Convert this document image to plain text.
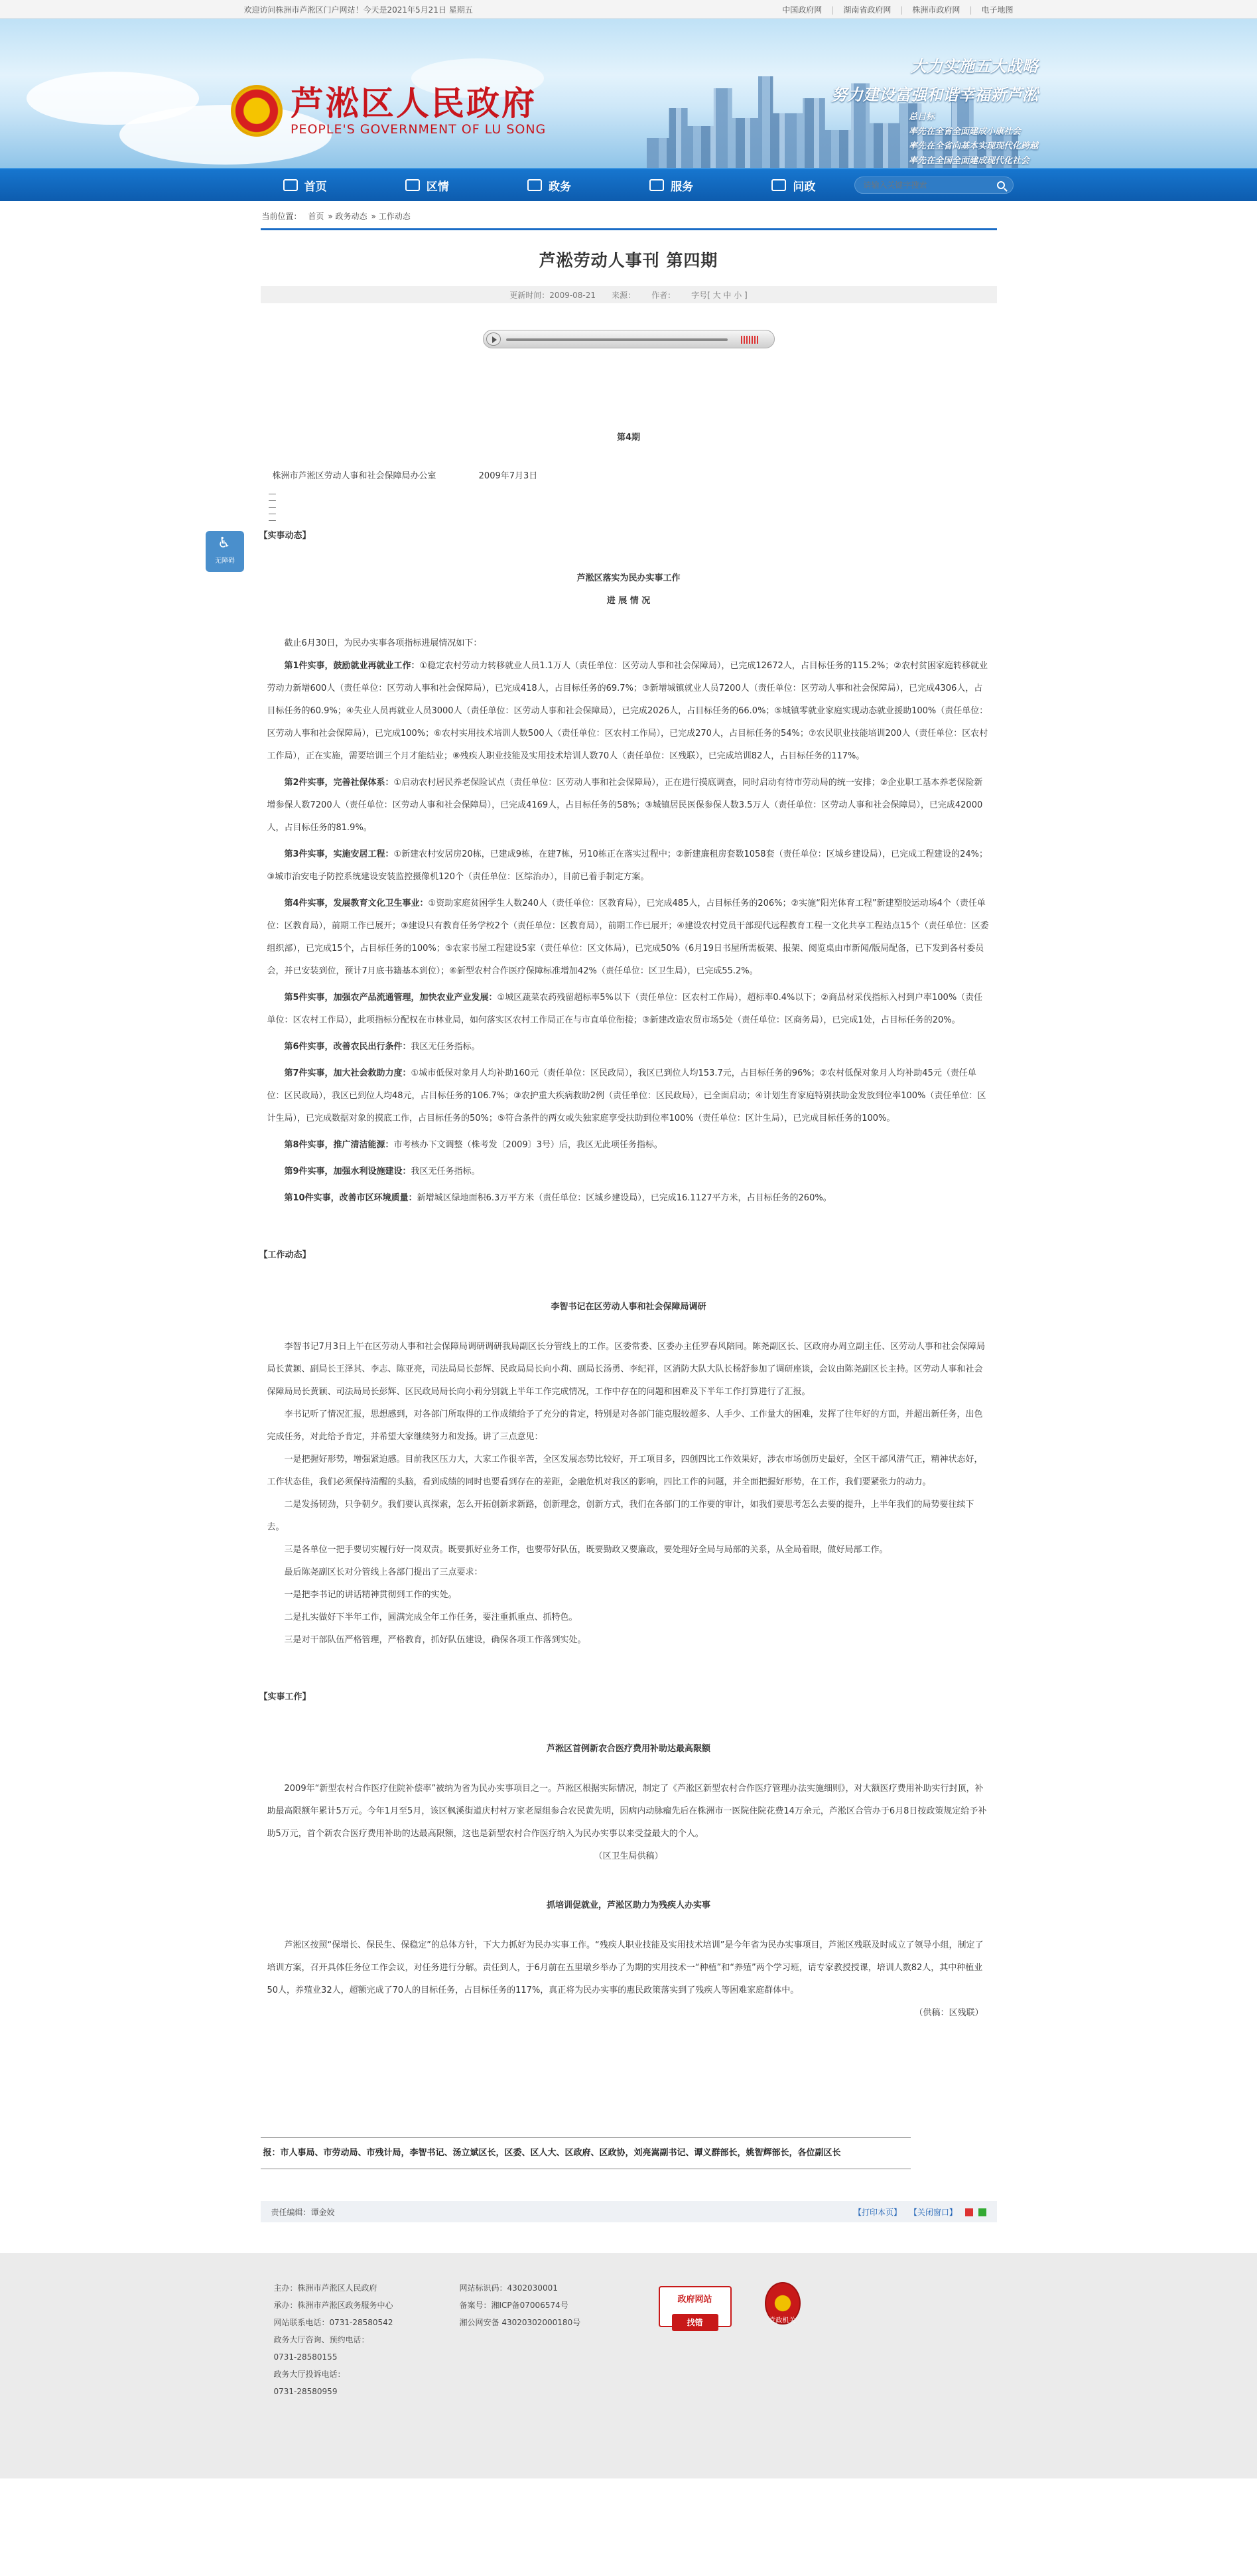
欢迎访问株洲市芦淞区门户网站！今天是2021年5月21日 星期五	中国政府网	| 湖南省政府网	| 株洲市政府网	| 电子地图
芦淞区人民政府
PEOPLE'S GOVERNMENT OF LU SONG
大力实施五大战略
努力建设富强和谐幸福新芦淞
总目标
率先在全省全面建成小康社会
率先在全省向基本实现现代化跨越
率先在全国全面建成现代化社会
首页	区情	政务	服务	问政
请输入关键字搜索
♿ 无障碍
当前位置： 首页 » 政务动态 » 工作动态
芦淞劳动人事刊 第四期
更新时间：2009-08-21 来源： 作者： 字号[ 大 中 小 ]
第4期
株洲市芦淞区劳动人事和社会保障局办公室	2009年7月3日
—
—
—
—
—
【实事动态】
芦淞区落实为民办实事工作
进 展 情 况

截止6月30日，为民办实事各项指标进展情况如下：

第1件实事，鼓励就业再就业工作：①稳定农村劳动力转移就业人员1.1万人（责任单位：区劳动人事和社会保障局），已完成12672人，占目标任务的115.2%；②农村贫困家庭转移就业劳动力新增600人（责任单位：区劳动人事和社会保障局），已完成418人，占目标任务的69.7%；③新增城镇就业人员7200人（责任单位：区劳动人事和社会保障局），已完成4306人，占目标任务的60.9%；④失业人员再就业人员3000人（责任单位：区劳动人事和社会保障局），已完成2026人，占目标任务的66.0%；⑤城镇零就业家庭实现动态就业援助100%（责任单位：区劳动人事和社会保障局），已完成100%；⑥农村实用技术培训人数500人（责任单位：区农村工作局），已完成270人，占目标任务的54%；⑦农民职业技能培训200人（责任单位：区农村工作局），正在实施，需要培训三个月才能结业；⑧残疾人职业技能及实用技术培训人数70人（责任单位：区残联），已完成培训82人，占目标任务的117%。

第2件实事，完善社保体系：①启动农村居民养老保险试点（责任单位：区劳动人事和社会保障局），正在进行摸底调查，同时启动有待市劳动局的统一安排；②企业职工基本养老保险新增参保人数7200人（责任单位：区劳动人事和社会保障局），已完成4169人，占目标任务的58%；③城镇居民医保参保人数3.5万人（责任单位：区劳动人事和社会保障局），已完成42000人，占目标任务的81.9%。

第3件实事，实施安居工程：①新建农村安居房20栋，已建成9栋，在建7栋，另10栋正在落实过程中；②新建廉租房套数1058套（责任单位：区城乡建设局），已完成工程建设的24%；③城市治安电子防控系统建设安装监控摄像机120个（责任单位：区综治办），目前已着手制定方案。

第4件实事，发展教育文化卫生事业：①资助家庭贫困学生人数240人（责任单位：区教育局），已完成485人，占目标任务的206%；②实施“阳光体育工程”新建塑胶运动场4个（责任单位：区教育局），前期工作已展开；③建设只有教育任务学校2个（责任单位：区教育局），前期工作已展开；④建设农村党员干部现代远程教育工程一文化共享工程站点15个（责任单位：区委组织部），已完成15个，占目标任务的100%；⑤农家书屋工程建设5家（责任单位：区文体局），已完成50%（6月19日书屋所需板架、报架、阅览桌由市新闻/版局配备，已下发到各村委员会，并已安装到位，预计7月底书籍基本到位）；⑥新型农村合作医疗保障标准增加42%（责任单位：区卫生局），已完成55.2%。

第5件实事，加强农产品流通管理，加快农业产业发展：①城区蔬菜农药残留超标率5%以下（责任单位：区农村工作局），超标率0.4%以下；②商品材采伐指标入村到户率100%（责任单位：区农村工作局），此项指标分配权在市林业局，如何落实区农村工作局正在与市直单位衔接；③新建改造农贸市场5处（责任单位：区商务局），已完成1处，占目标任务的20%。

第6件实事，改善农民出行条件：我区无任务指标。

第7件实事，加大社会救助力度：①城市低保对象月人均补助160元（责任单位：区民政局），我区已到位人均153.7元，占目标任务的96%；②农村低保对象月人均补助45元（责任单位：区民政局），我区已到位人均48元，占目标任务的106.7%；③农护重大疾病救助2例（责任单位：区民政局），已全面启动；④计划生育家庭特别扶助金发放到位率100%（责任单位：区计生局），已完成数据对象的摸底工作，占目标任务的50%；⑤符合条件的两女或失独家庭享受扶助到位率100%（责任单位：区计生局），已完成目标任务的100%。

第8件实事，推广清洁能源：市考核办下文调整（株考发〔2009〕3号）后，我区无此项任务指标。

第9件实事，加强水利设施建设：我区无任务指标。

第10件实事，改善市区环境质量：新增城区绿地面积6.3万平方米（责任单位：区城乡建设局），已完成16.1127平方米，占目标任务的260%。

【工作动态】
李智书记在区劳动人事和社会保障局调研

李智书记7月3日上午在区劳动人事和社会保障局调研调研我局副区长分管线上的工作。区委常委、区委办主任罗春风陪同。陈尧副区长、区政府办周立副主任、区劳动人事和社会保障局局长黄颖、副局长王泽其、李志、陈亚亮，司法局局长彭辉、民政局局长向小莉、副局长汤勇、李纪祥，区消防大队大队长杨舒参加了调研座谈，会议由陈尧副区长主持。区劳动人事和社会保障局局长黄颖、司法局局长彭辉、区民政局局长向小莉分别就上半年工作完成情况，工作中存在的问题和困难及下半年工作打算进行了汇报。

李书记听了情况汇报，思想感到，对各部门所取得的工作成绩给予了充分的肯定，特别是对各部门能克服较超多、人手少、工作量大的困难，发挥了往年好的方面，并超出新任务，出色完成任务，对此给予肯定，并希望大家继续努力和发扬。讲了三点意见：

一是把握好形势，增强紧迫感。目前我区压力大，大家工作很辛苦，全区发展态势比较好，开工项目多，四创四比工作效果好，涉农市场创历史最好，全区干部风清气正，精神状态好，工作状态佳，我们必须保持清醒的头脑，看到成绩的同时也要看到存在的差距，金融危机对我区的影响，四比工作的问题，并全面把握好形势，在工作，我们要紧张力的动力。

二是发扬韧劲，只争朝夕。我们要认真探索，怎么开拓创新求新路，创新理念，创新方式，我们在各部门的工作要的审计，如我们要思考怎么去要的提升，上半年我们的局势要往续下去。

三是各单位一把手要切实履行好一岗双责。既要抓好业务工作，也要带好队伍，既要勤政又要廉政，要处理好全局与局部的关系，从全局着眼，做好局部工作。

最后陈尧副区长对分管线上各部门提出了三点要求：

一是把李书记的讲话精神贯彻到工作的实处。

二是扎实做好下半年工作，圆满完成全年工作任务，要注重抓重点、抓特色。

三是对干部队伍严格管理，严格教育，抓好队伍建设，确保各项工作落到实处。

【实事工作】
芦淞区首例新农合医疗费用补助达最高限额

2009年“新型农村合作医疗住院补偿率”被纳为省为民办实事项目之一。芦淞区根据实际情况，制定了《芦淞区新型农村合作医疗管理办法实施细则》，对大额医疗费用补助实行封顶，补助最高限额年累计5万元。今年1月至5月，该区枫溪街道庆村村万家老屋组参合农民黄先明，因病内动脉瘤先后在株洲市一医院住院花费14万余元，芦淞区合管办于6月8日按政策规定给予补助5万元，首个新农合医疗费用补助的达最高限额，这也是新型农村合作医疗纳入为民办实事以来受益最大的个人。

（区卫生局供稿）
抓培训促就业，芦淞区助力为残疾人办实事

芦淞区按照“保增长、保民生、保稳定”的总体方针，下大力抓好为民办实事工作。“残疾人职业技能及实用技术培训”是今年省为民办实事项目，芦淞区残联及时成立了领导小组，制定了培训方案，召开具体任务位工作会议，对任务进行分解。责任到人，于6月前在五里墩乡举办了为期的实用技术一“种植”和“养殖”两个学习班，请专家教授授课，培训人数82人，其中种植业50人，养殖业32人，超额完成了70人的目标任务，占目标任务的117%，真正将为民办实事的惠民政策落实到了残疾人等困难家庭群体中。

（供稿：区残联）
报：市人事局、市劳动局、市残计局，李智书记、汤立斌区长，区委、区人大、区政府、区政协，刘亮嵩副书记、谭义群部长，姚智辉部长，各位副区长
责任编辑：谭金姣	【打印本页】 【关闭窗口】
主办：株洲市芦淞区人民政府
承办：株洲市芦淞区政务服务中心
网站联系电话：0731-28580542
政务大厅咨询、预约电话：
0731-28580155
政务大厅投诉电话：
0731-28580959
网站标识码：4302030001
备案号：湘ICP备07006574号
湘公网安备 43020302000180号
政府网站
找错	党政机关
